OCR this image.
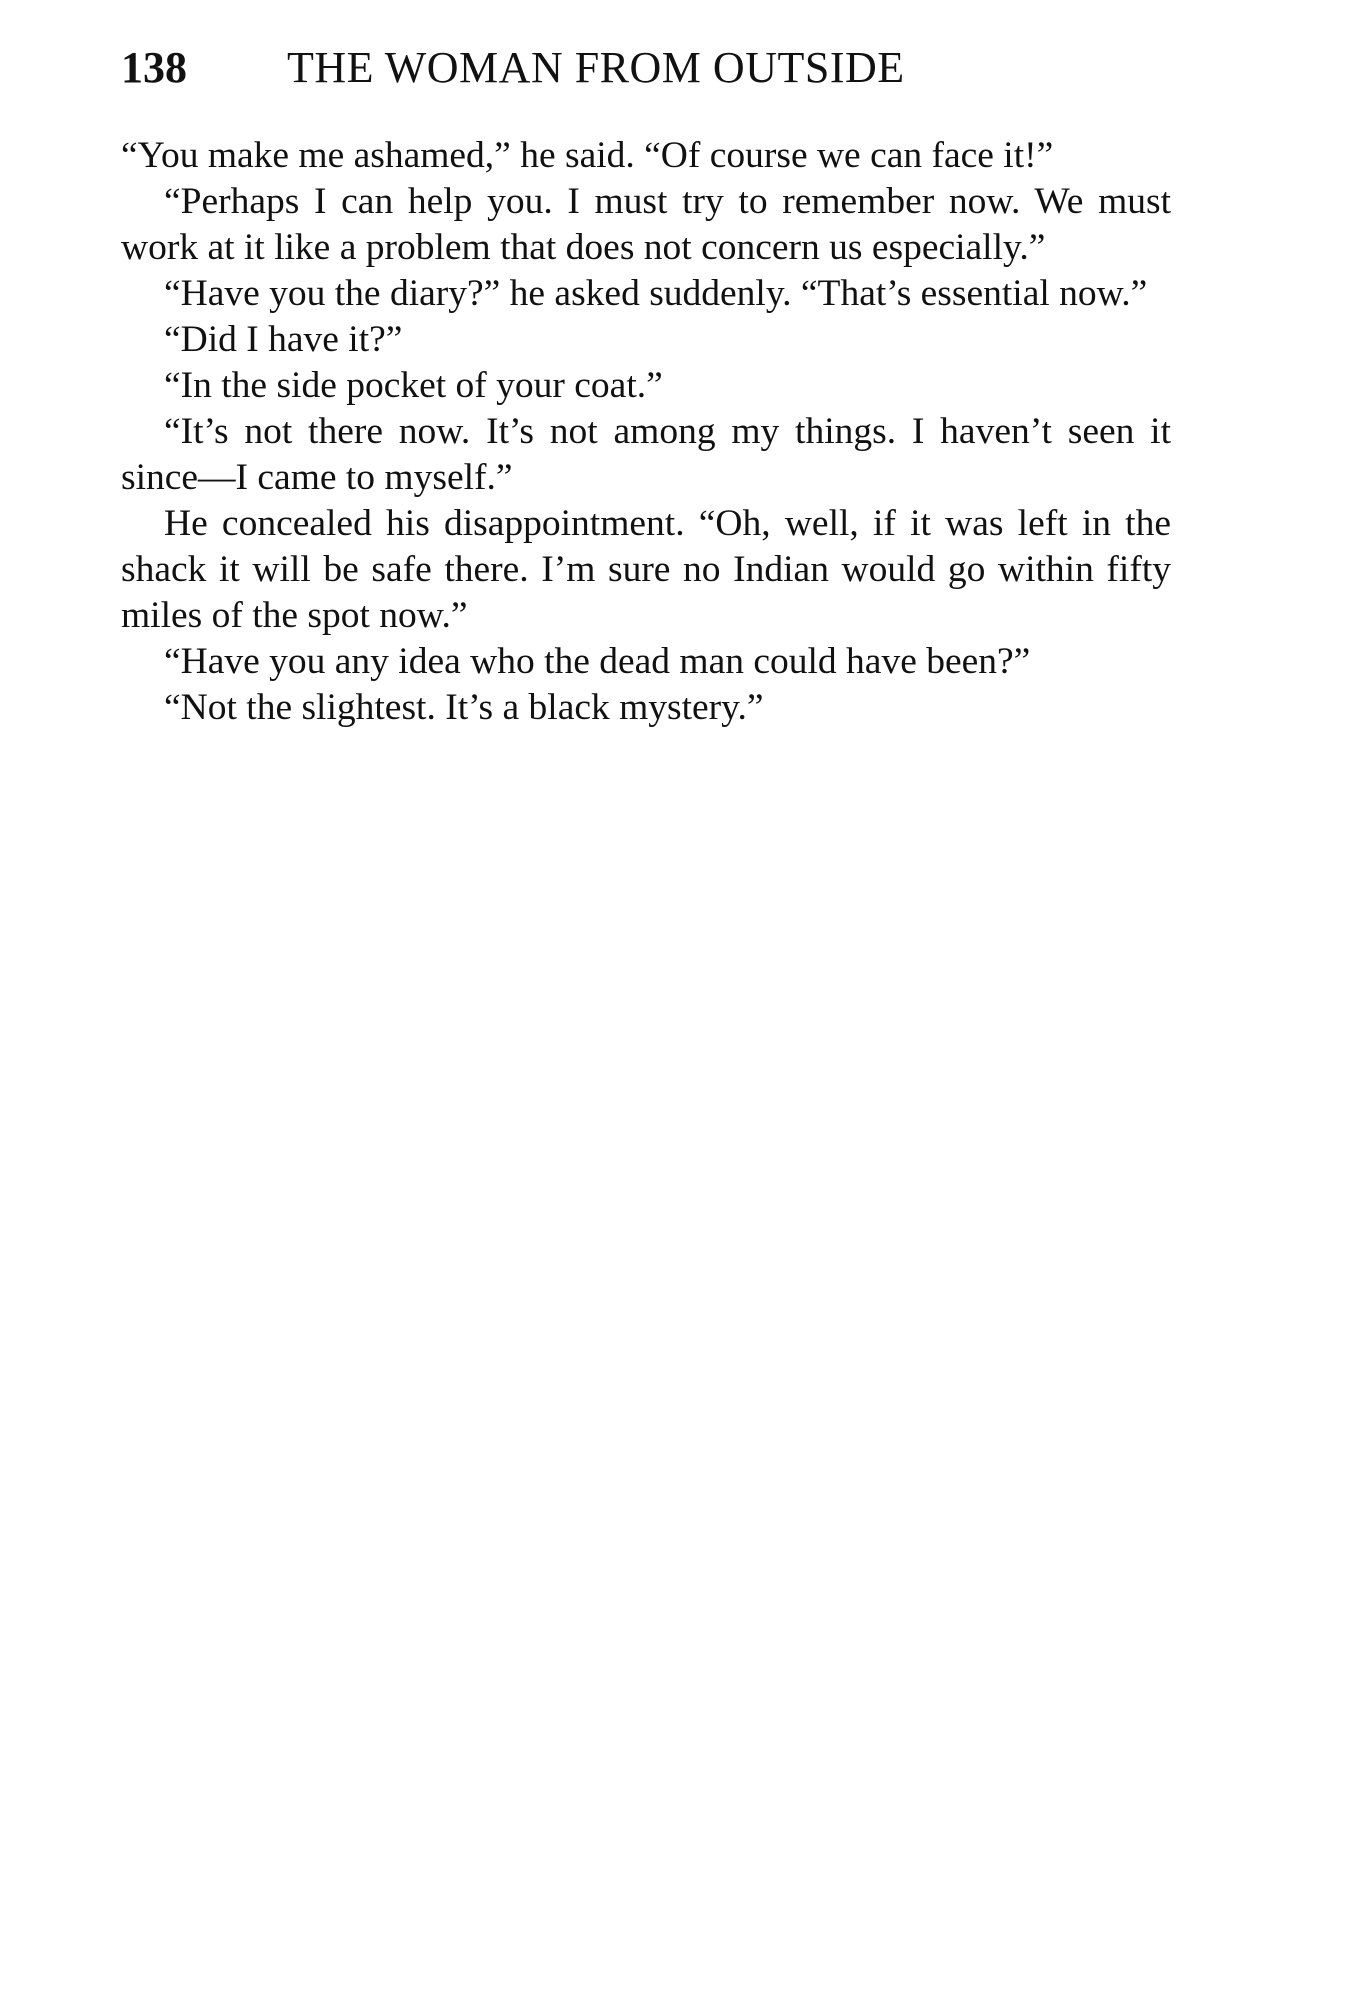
138 THE WOMAN FROM OUTSIDE

“You make me ashamed,” he said. “Of course we can face it!”

“Perhaps I can help you. I must try to remember now. We must work at it like a problem that does not concern us especially.”

“Have you the diary?” he asked suddenly. “That’s essential now.”

“Did I have it?”

“In the side pocket of your coat.”

“It’s not there now. It’s not among my things. I haven’t seen it since—I came to myself.”

He concealed his disappointment. “Oh, well, if it was left in the shack it will be safe there. I’m sure no Indian would go within fifty miles of the spot now.”

“Have you any idea who the dead man could have been?”

“Not the slightest. It’s a black mystery.”
